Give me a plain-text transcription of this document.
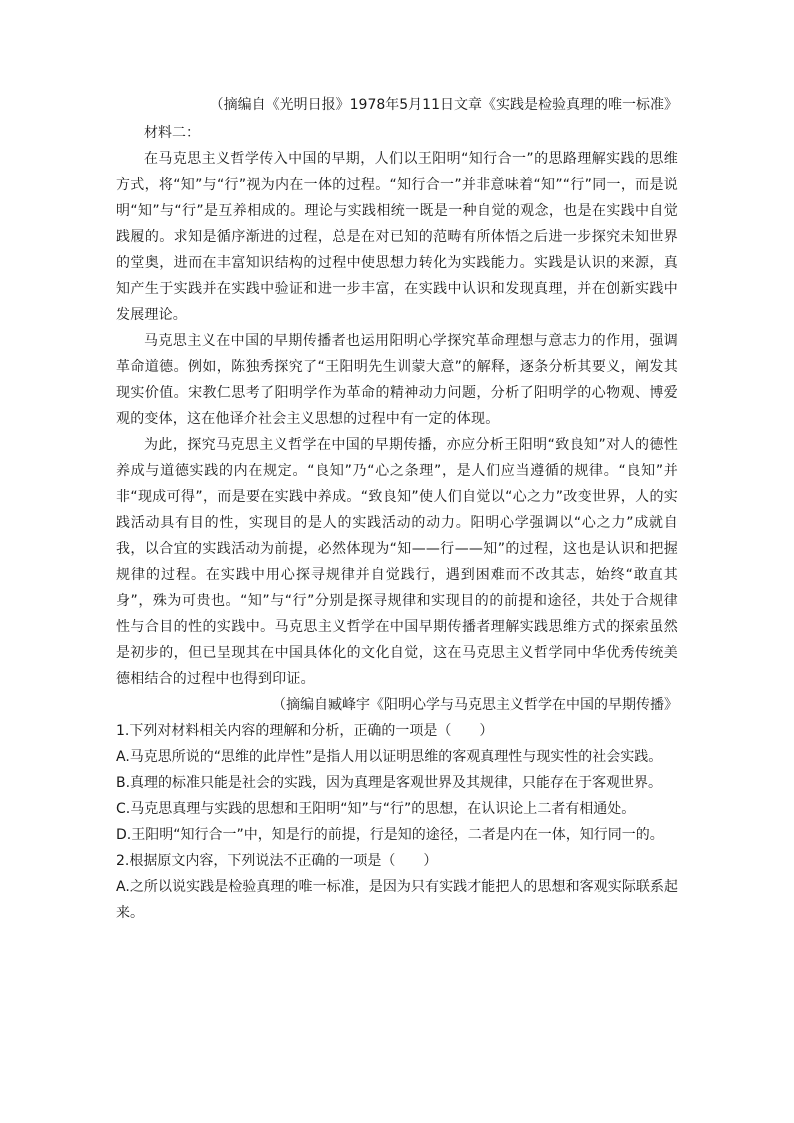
（摘编自《光明日报》1978年5月11日文章《实践是检验真理的唯一标准》

材料二：

在马克思主义哲学传入中国的早期，人们以王阳明“知行合一”的思路理解实践的思维方式，将“知”与“行”视为内在一体的过程。“知行合一”并非意味着“知”“行”同一，而是说明“知”与“行”是互养相成的。理论与实践相统一既是一种自觉的观念，也是在实践中自觉践履的。求知是循序渐进的过程，总是在对已知的范畴有所体悟之后进一步探究未知世界的堂奥，进而在丰富知识结构的过程中使思想力转化为实践能力。实践是认识的来源，真知产生于实践并在实践中验证和进一步丰富，在实践中认识和发现真理，并在创新实践中发展理论。

马克思主义在中国的早期传播者也运用阳明心学探究革命理想与意志力的作用，强调革命道德。例如，陈独秀探究了“王阳明先生训蒙大意”的解释，逐条分析其要义，阐发其现实价值。宋教仁思考了阳明学作为革命的精神动力问题，分析了阳明学的心物观、博爱观的变体，这在他译介社会主义思想的过程中有一定的体现。

为此，探究马克思主义哲学在中国的早期传播，亦应分析王阳明“致良知”对人的德性养成与道德实践的内在规定。“良知”乃“心之条理”，是人们应当遵循的规律。“良知”并非“现成可得”，而是要在实践中养成。“致良知”使人们自觉以“心之力”改变世界，人的实践活动具有目的性，实现目的是人的实践活动的动力。阳明心学强调以“心之力”成就自我，以合宜的实践活动为前提，必然体现为“知——行——知”的过程，这也是认识和把握规律的过程。在实践中用心探寻规律并自觉践行，遇到困难而不改其志，始终“敢直其身”，殊为可贵也。“知”与“行”分别是探寻规律和实现目的的前提和途径，共处于合规律性与合目的性的实践中。马克思主义哲学在中国早期传播者理解实践思维方式的探索虽然是初步的，但已呈现其在中国具体化的文化自觉，这在马克思主义哲学同中华优秀传统美德相结合的过程中也得到印证。

（摘编自臧峰宇《阳明心学与马克思主义哲学在中国的早期传播》

1.下列对材料相关内容的理解和分析，正确的一项是（　　）

A.马克思所说的“思维的此岸性”是指人用以证明思维的客观真理性与现实性的社会实践。

B.真理的标准只能是社会的实践，因为真理是客观世界及其规律，只能存在于客观世界。

C.马克思真理与实践的思想和王阳明“知”与“行”的思想，在认识论上二者有相通处。

D.王阳明“知行合一”中，知是行的前提，行是知的途径，二者是内在一体，知行同一的。

2.根据原文内容，下列说法不正确的一项是（　　）

A.之所以说实践是检验真理的唯一标准，是因为只有实践才能把人的思想和客观实际联系起来。
